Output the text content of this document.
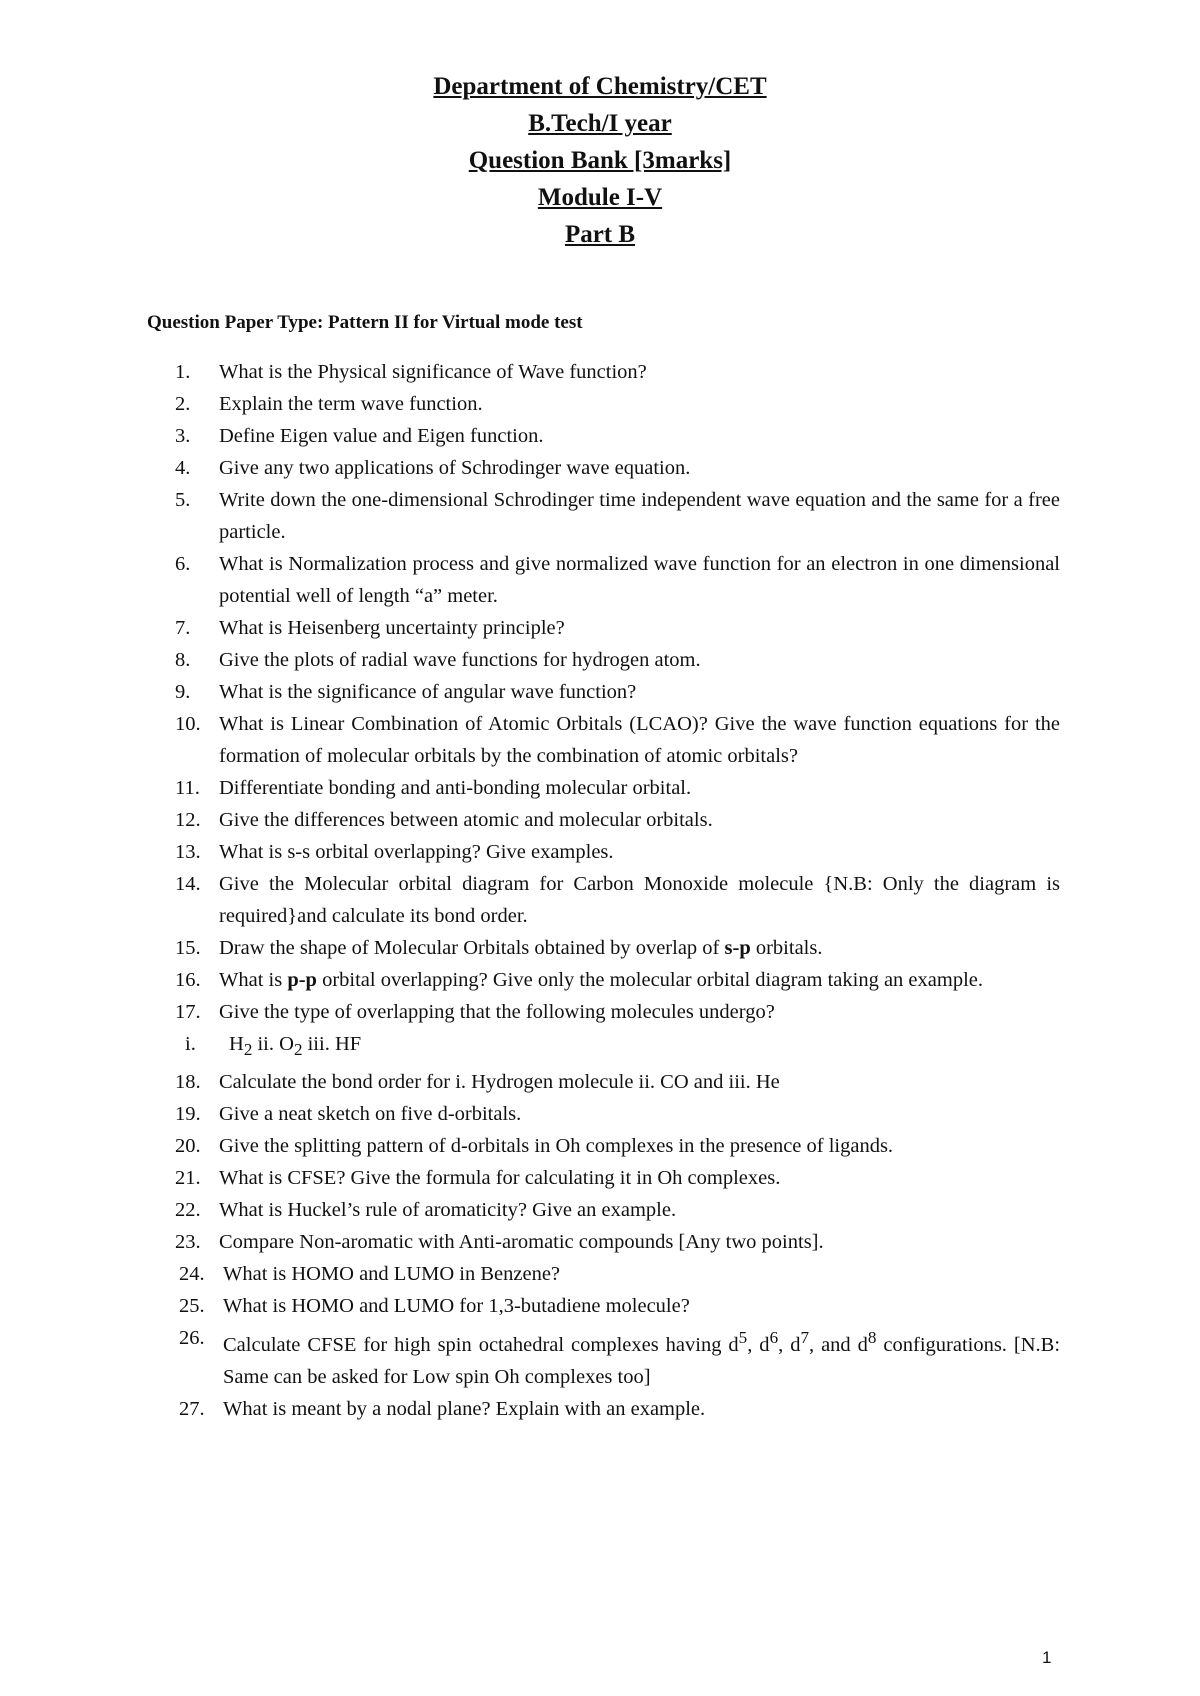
Department of Chemistry/CET
B.Tech/I year
Question Bank [3marks]
Module I-V
Part B
Question Paper Type: Pattern II for Virtual mode test
1.	What is the Physical significance of Wave function?
2.	Explain the term wave function.
3.	Define Eigen value and Eigen function.
4.	Give any two applications of Schrodinger wave equation.
5.	Write down the one-dimensional Schrodinger time independent wave equation and the same for a free particle.
6.	What is Normalization process and give normalized wave function for an electron in one dimensional potential well of length “a” meter.
7.	What is Heisenberg uncertainty principle?
8.	Give the plots of radial wave functions for hydrogen atom.
9.	What is the significance of angular wave function?
10. What is Linear Combination of Atomic Orbitals (LCAO)? Give the wave function equations for the formation of molecular orbitals by the combination of atomic orbitals?
11. Differentiate bonding and anti-bonding molecular orbital.
12. Give the differences between atomic and molecular orbitals.
13. What is s-s orbital overlapping? Give examples.
14. Give the Molecular orbital diagram for Carbon Monoxide molecule {N.B: Only the diagram is required}and calculate its bond order.
15. Draw the shape of Molecular Orbitals obtained by overlap of s-p orbitals.
16. What is p-p orbital overlapping? Give only the molecular orbital diagram taking an example.
17. Give the type of overlapping that the following molecules undergo?
i.	$H_2$ ii. $O_2$ iii. HF
18. Calculate the bond order for i. Hydrogen molecule ii. CO and iii. He
19. Give a neat sketch on five d-orbitals.
20. Give the splitting pattern of d-orbitals in Oh complexes in the presence of ligands.
21. What is CFSE? Give the formula for calculating it in Oh complexes.
22. What is Huckel’s rule of aromaticity? Give an example.
23. Compare Non-aromatic with Anti-aromatic compounds [Any two points].
24. What is HOMO and LUMO in Benzene?
25. What is HOMO and LUMO for 1,3-butadiene molecule?
26. Calculate CFSE for high spin octahedral complexes having $d^5$, $d^6$, $d^7$, and $d^8$ configurations. [N.B: Same can be asked for Low spin Oh complexes too]
27. What is meant by a nodal plane? Explain with an example.
1
